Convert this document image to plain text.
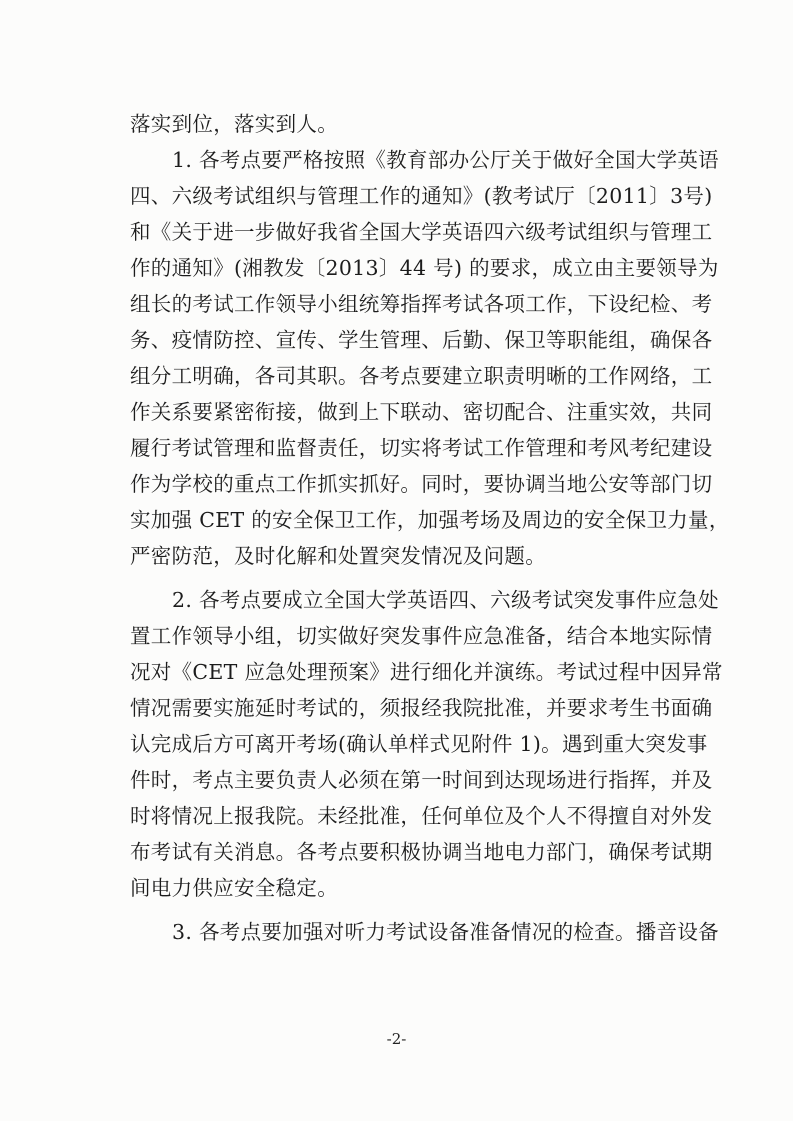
落实到位，落实到人。
1. 各考点要严格按照《教育部办公厅关于做好全国大学英语
四、六级考试组织与管理工作的通知》(教考试厅〔2011〕3号)
和《关于进一步做好我省全国大学英语四六级考试组织与管理工
作的通知》(湘教发〔2013〕44 号) 的要求，成立由主要领导为
组长的考试工作领导小组统筹指挥考试各项工作，下设纪检、考
务、疫情防控、宣传、学生管理、后勤、保卫等职能组，确保各
组分工明确，各司其职。各考点要建立职责明晰的工作网络，工
作关系要紧密衔接，做到上下联动、密切配合、注重实效，共同
履行考试管理和监督责任，切实将考试工作管理和考风考纪建设
作为学校的重点工作抓实抓好。同时，要协调当地公安等部门切
实加强 CET 的安全保卫工作，加强考场及周边的安全保卫力量，
严密防范，及时化解和处置突发情况及问题。
2. 各考点要成立全国大学英语四、六级考试突发事件应急处
置工作领导小组，切实做好突发事件应急准备，结合本地实际情
况对《CET 应急处理预案》进行细化并演练。考试过程中因异常
情况需要实施延时考试的，须报经我院批准，并要求考生书面确
认完成后方可离开考场(确认单样式见附件 1)。遇到重大突发事
件时，考点主要负责人必须在第一时间到达现场进行指挥，并及
时将情况上报我院。未经批准，任何单位及个人不得擅自对外发
布考试有关消息。各考点要积极协调当地电力部门，确保考试期
间电力供应安全稳定。
3. 各考点要加强对听力考试设备准备情况的检查。播音设备
-2-
